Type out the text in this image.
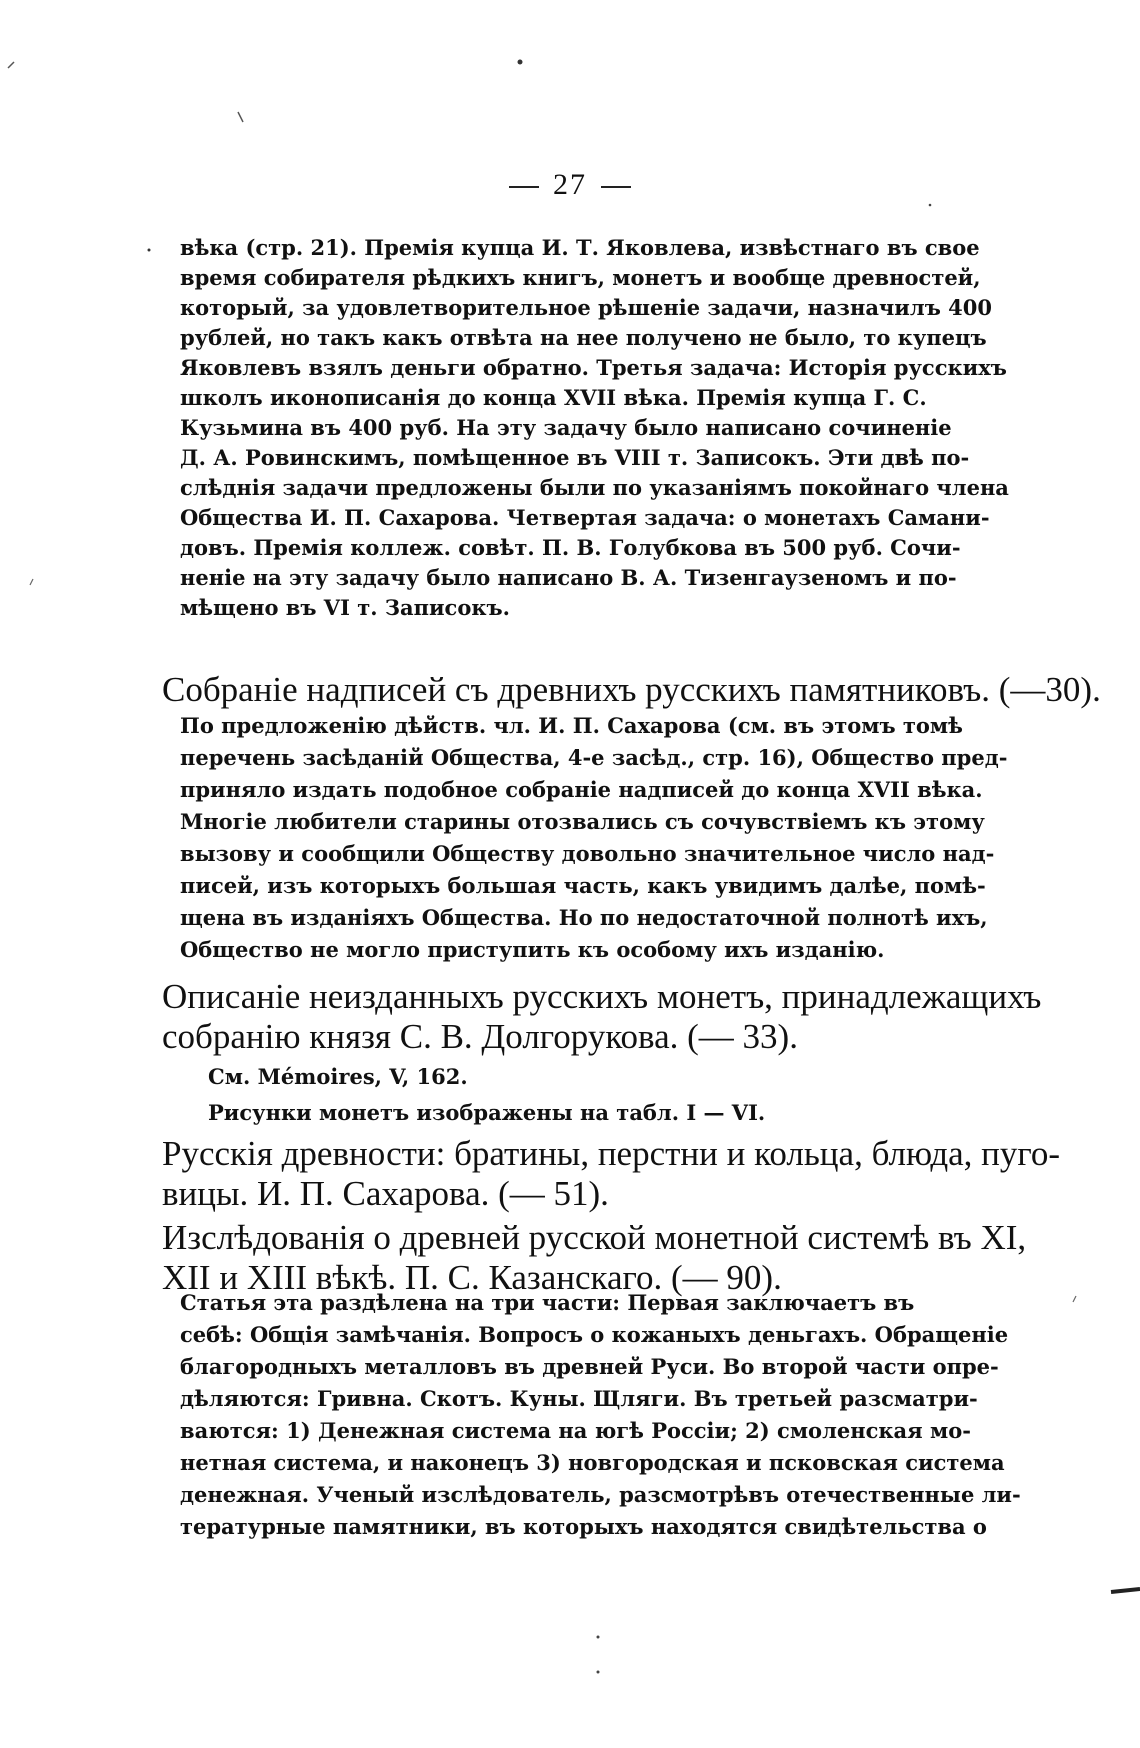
27
вѣка (стр. 21). Премія купца И. Т. Яковлева, извѣстнаго въ свое
время собирателя рѣдкихъ книгъ, монетъ и вообще древностей,
который, за удовлетворительное рѣшеніе задачи, назначилъ 400
рублей, но такъ какъ отвѣта на нее получено не было, то купецъ
Яковлевъ взялъ деньги обратно. Третья задача: Исторія русскихъ
школъ иконописанія до конца XVII вѣка. Премія купца Г. С.
Кузьмина въ 400 руб. На эту задачу было написано сочиненіе
Д. А. Ровинскимъ, помѣщенное въ VIII т. Записокъ. Эти двѣ по-
слѣднія задачи предложены были по указаніямъ покойнаго члена
Общества И. П. Сахарова. Четвертая задача: о монетахъ Самани-
довъ. Премія коллеж. совѣт. П. В. Голубкова въ 500 руб. Сочи-
неніе на эту задачу было написано В. А. Тизенгаузеномъ и по-
мѣщено въ VI т. Записокъ.
Собраніе надписей съ древнихъ русскихъ памятниковъ. (—30).
По предложенію дѣйств. чл. И. П. Сахарова (см. въ этомъ томѣ
перечень засѣданій Общества, 4-е засѣд., стр. 16), Общество пред-
приняло издать подобное собраніе надписей до конца XVII вѣка.
Многіе любители старины отозвались съ сочувствіемъ къ этому
вызову и сообщили Обществу довольно значительное число над-
писей, изъ которыхъ большая часть, какъ увидимъ далѣе, помѣ-
щена въ изданіяхъ Общества. Но по недостаточной полнотѣ ихъ,
Общество не могло приступить къ особому ихъ изданію.
Описаніе неизданныхъ русскихъ монетъ, принадлежащихъ
собранію князя С. В. Долгорукова. (— 33).
См. Mémoires, V, 162.
Рисунки монетъ изображены на табл. I — VI.
Русскія древности: братины, перстни и кольца, блюда, пуго-
вицы. И. П. Сахарова. (— 51).
Изслѣдованія о древней русской монетной системѣ въ XI,
XII и XIII вѣкѣ. П. С. Казанскаго. (— 90).
Статья эта раздѣлена на три части: Первая заключаетъ въ
себѣ: Общія замѣчанія. Вопросъ о кожаныхъ деньгахъ. Обращеніе
благородныхъ металловъ въ древней Руси. Во второй части опре-
дѣляются: Гривна. Скотъ. Куны. Щляги. Въ третьей разсматри-
ваются: 1) Денежная система на югѣ Россіи; 2) смоленская мо-
нетная система, и наконецъ 3) новгородская и псковская система
денежная. Ученый изслѣдователь, разсмотрѣвъ отечественные ли-
тературные памятники, въ которыхъ находятся свидѣтельства о
